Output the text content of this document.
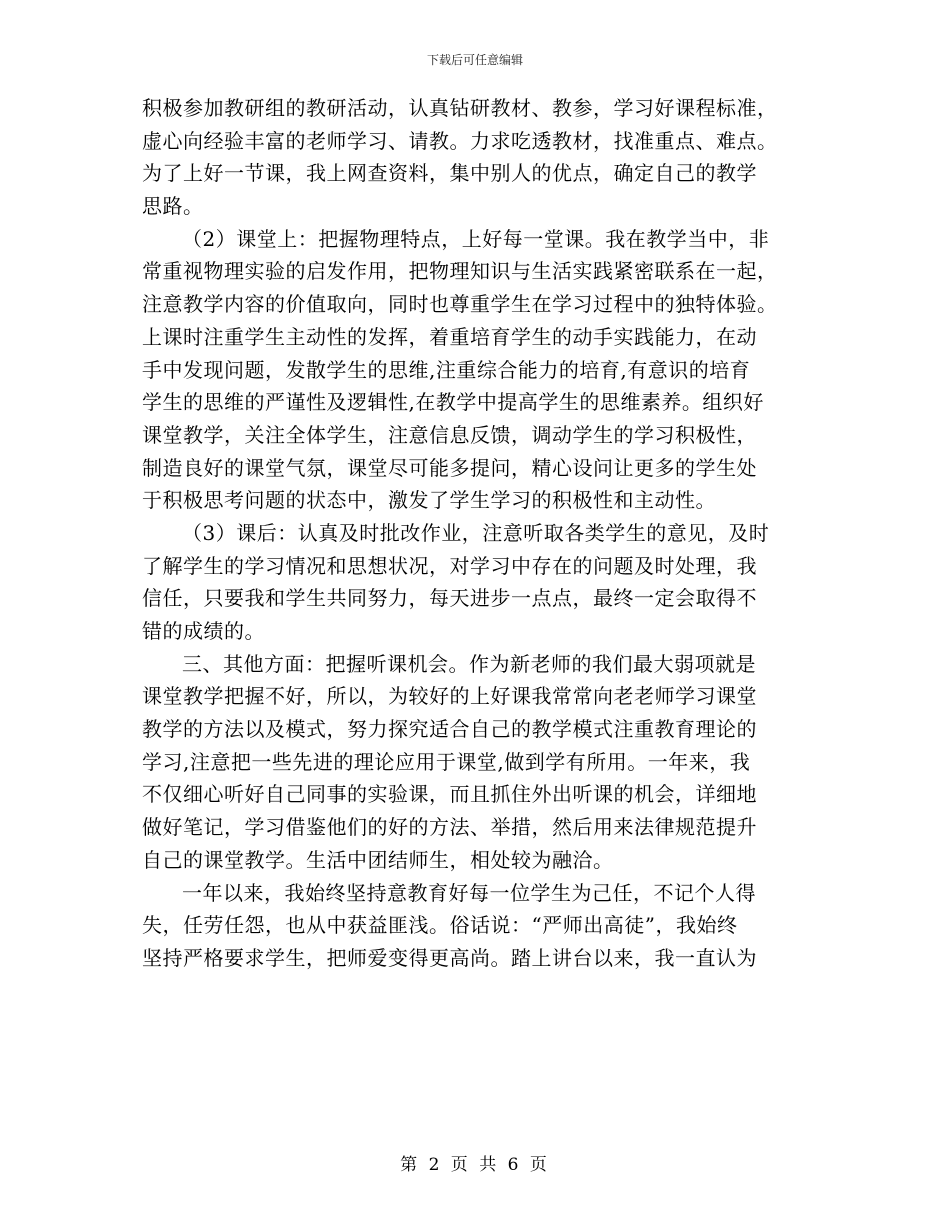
下载后可任意编辑
积极参加教研组的教研活动，认真钻研教材、教参，学习好课程标准，
虚心向经验丰富的老师学习、请教。力求吃透教材，找准重点、难点。
为了上好一节课，我上网查资料，集中别人的优点，确定自己的教学
思路。
（2）课堂上：把握物理特点，上好每一堂课。我在教学当中，非
常重视物理实验的启发作用，把物理知识与生活实践紧密联系在一起，
注意教学内容的价值取向，同时也尊重学生在学习过程中的独特体验。
上课时注重学生主动性的发挥，着重培育学生的动手实践能力，在动
手中发现问题，发散学生的思维,注重综合能力的培育,有意识的培育
学生的思维的严谨性及逻辑性,在教学中提高学生的思维素养。组织好
课堂教学，关注全体学生，注意信息反馈，调动学生的学习积极性，
制造良好的课堂气氛，课堂尽可能多提问，精心设问让更多的学生处
于积极思考问题的状态中，激发了学生学习的积极性和主动性。
（3）课后：认真及时批改作业，注意听取各类学生的意见，及时
了解学生的学习情况和思想状况，对学习中存在的问题及时处理，我
信任，只要我和学生共同努力，每天进步一点点，最终一定会取得不
错的成绩的。
三、其他方面：把握听课机会。作为新老师的我们最大弱项就是
课堂教学把握不好，所以，为较好的上好课我常常向老老师学习课堂
教学的方法以及模式，努力探究适合自己的教学模式注重教育理论的
学习,注意把一些先进的理论应用于课堂,做到学有所用。一年来，我
不仅细心听好自己同事的实验课，而且抓住外出听课的机会，详细地
做好笔记，学习借鉴他们的好的方法、举措，然后用来法律规范提升
自己的课堂教学。生活中团结师生，相处较为融洽。
一年以来，我始终坚持意教育好每一位学生为己任，不记个人得
失，任劳任怨，也从中获益匪浅。俗话说：“严师出高徒”，我始终
坚持严格要求学生，把师爱变得更高尚。踏上讲台以来，我一直认为
第 2 页 共 6 页
